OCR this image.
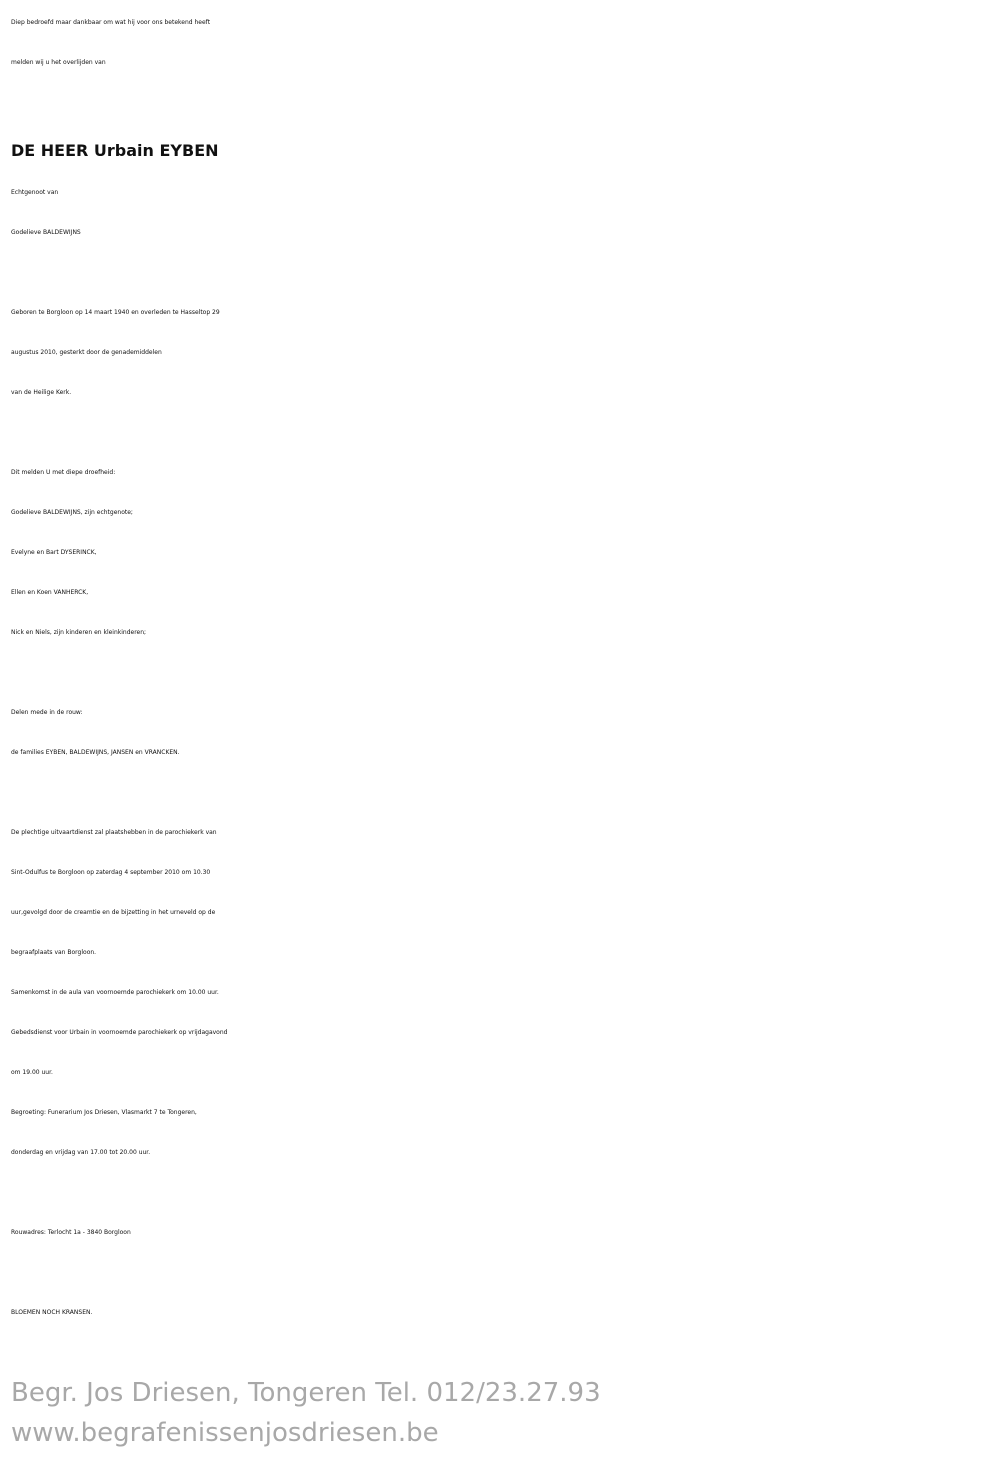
Diep bedroefd maar dankbaar om wat hij voor ons betekend heeft
melden wij u het overlijden van
DE HEER Urbain EYBEN
Echtgenoot van
Godelieve BALDEWIJNS
Geboren te Borgloon op 14 maart 1940 en overleden te Hasseltop 29
augustus 2010, gesterkt door de genademiddelen
van de Heilige Kerk.
Dit melden U met diepe droefheid:
Godelieve BALDEWIJNS, zijn echtgenote;
Evelyne en Bart DYSERINCK,
Ellen en Koen VANHERCK,
Nick en Niels, zijn kinderen en kleinkinderen;
Delen mede in de rouw:
de families EYBEN, BALDEWIJNS, JANSEN en VRANCKEN.
De plechtige uitvaartdienst zal plaatshebben in de parochiekerk van
Sint-Odulfus te Borgloon op zaterdag 4 september 2010 om 10.30
uur,gevolgd door de creamtie en de bijzetting in het urneveld op de
begraafplaats van Borgloon.
Samenkomst in de aula van voornoemde parochiekerk om 10.00 uur.
Gebedsdienst voor Urbain in voornoemde parochiekerk op vrijdagavond
om 19.00 uur.
Begroeting: Funerarium Jos Driesen, Vlasmarkt 7 te Tongeren,
donderdag en vrijdag van 17.00 tot 20.00 uur.
Rouwadres: Terlocht 1a - 3840 Borgloon
BLOEMEN NOCH KRANSEN.
Begr. Jos Driesen, Tongeren Tel. 012/23.27.93
www.begrafenissenjosdriesen.be
